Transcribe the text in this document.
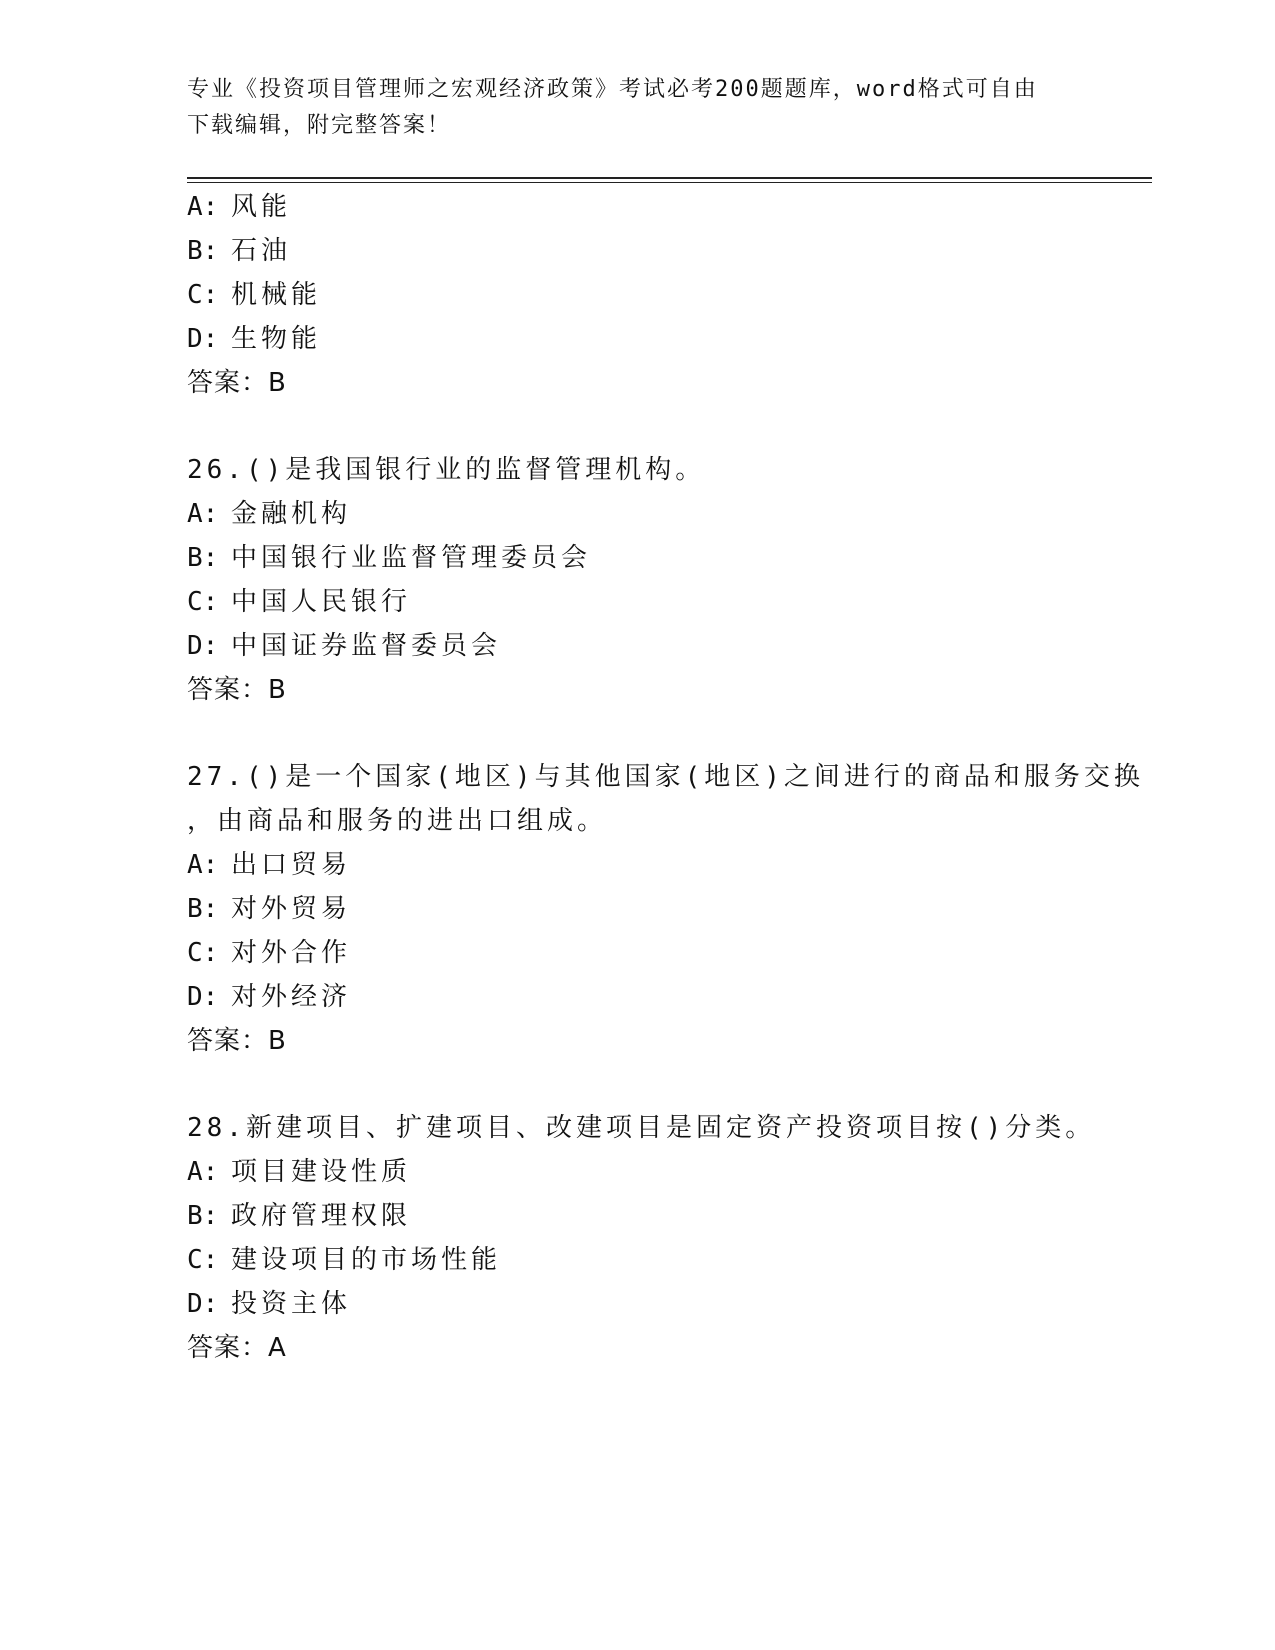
专业《投资项目管理师之宏观经济政策》考试必考200题题库，word格式可自由
下载编辑，附完整答案！
A: 风能
B: 石油
C: 机械能
D: 生物能
答案：B
26.()是我国银行业的监督管理机构。
A: 金融机构
B: 中国银行业监督管理委员会
C: 中国人民银行
D: 中国证券监督委员会
答案：B
27.()是一个国家(地区)与其他国家(地区)之间进行的商品和服务交换
，由商品和服务的进出口组成。
A: 出口贸易
B: 对外贸易
C: 对外合作
D: 对外经济
答案：B
28.新建项目、扩建项目、改建项目是固定资产投资项目按()分类。
A: 项目建设性质
B: 政府管理权限
C: 建设项目的市场性能
D: 投资主体
答案：A
